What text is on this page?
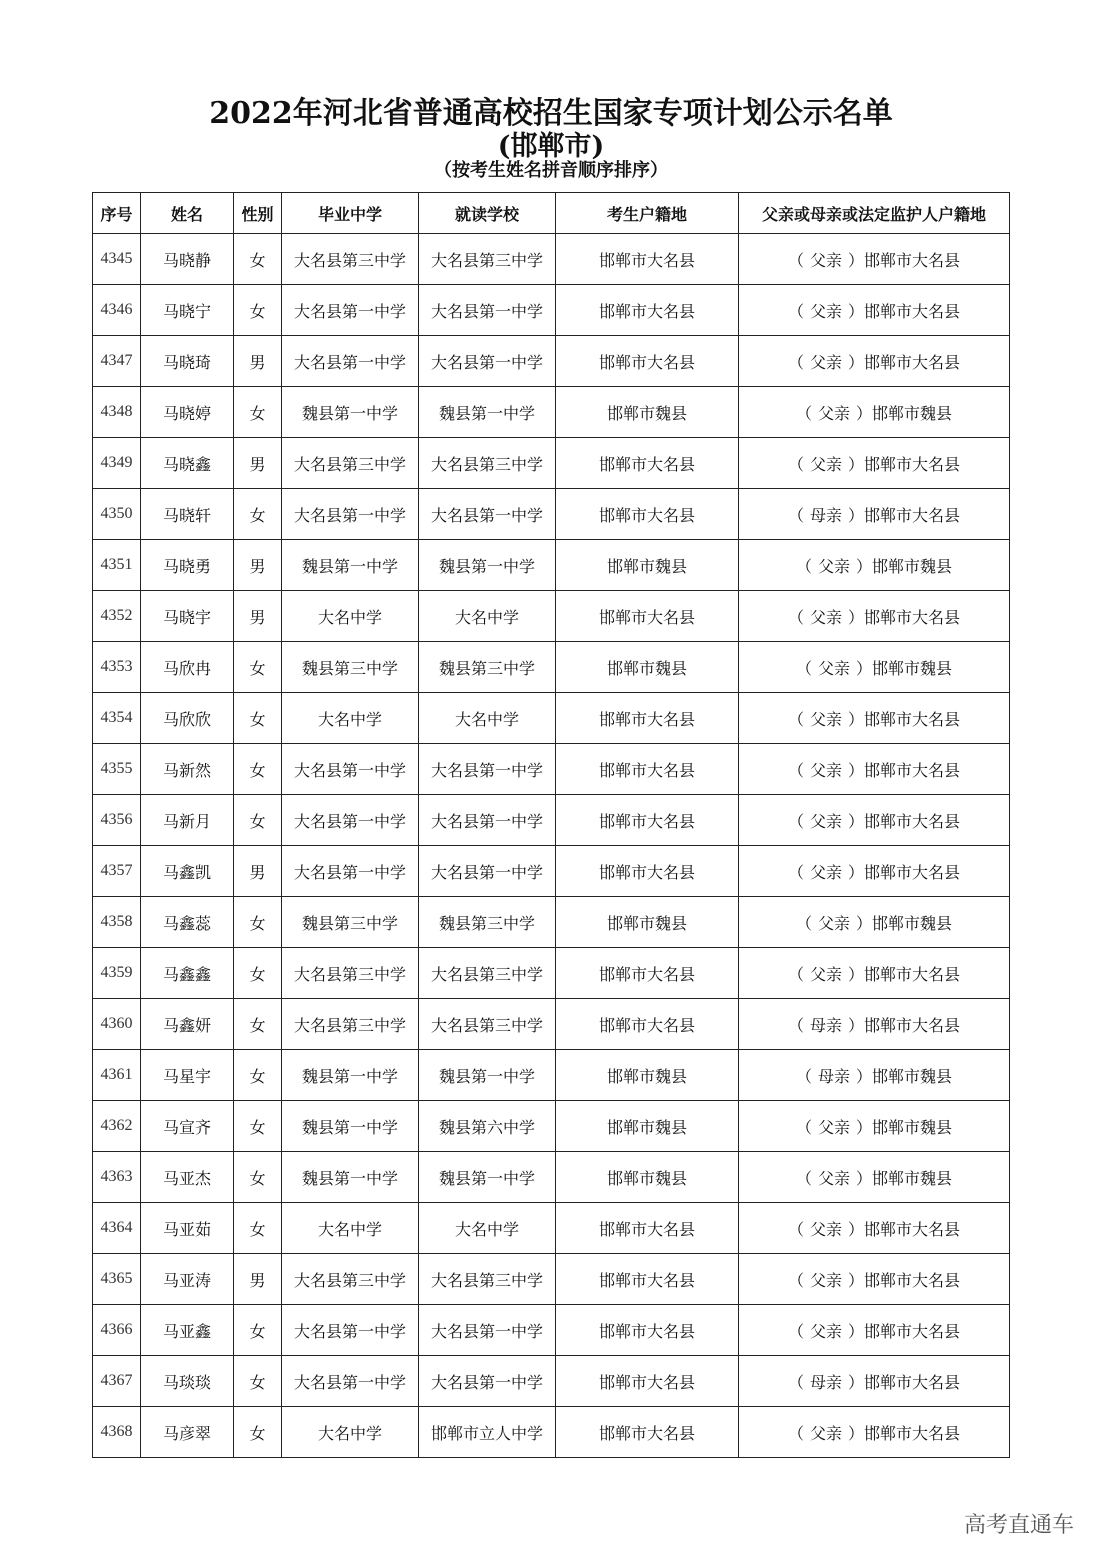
2022年河北省普通高校招生国家专项计划公示名单
(邯郸市)
（按考生姓名拼音顺序排序）
序号	姓名	性别	毕业中学	就读学校	考生户籍地	父亲或母亲或法定监护人户籍地
4345	马晓静	女	大名县第三中学	大名县第三中学	邯郸市大名县	（ 父亲 ）邯郸市大名县
4346	马晓宁	女	大名县第一中学	大名县第一中学	邯郸市大名县	（ 父亲 ）邯郸市大名县
4347	马晓琦	男	大名县第一中学	大名县第一中学	邯郸市大名县	（ 父亲 ）邯郸市大名县
4348	马晓婷	女	魏县第一中学	魏县第一中学	邯郸市魏县	（ 父亲 ）邯郸市魏县
4349	马晓鑫	男	大名县第三中学	大名县第三中学	邯郸市大名县	（ 父亲 ）邯郸市大名县
4350	马晓轩	女	大名县第一中学	大名县第一中学	邯郸市大名县	（ 母亲 ）邯郸市大名县
4351	马晓勇	男	魏县第一中学	魏县第一中学	邯郸市魏县	（ 父亲 ）邯郸市魏县
4352	马晓宇	男	大名中学	大名中学	邯郸市大名县	（ 父亲 ）邯郸市大名县
4353	马欣冉	女	魏县第三中学	魏县第三中学	邯郸市魏县	（ 父亲 ）邯郸市魏县
4354	马欣欣	女	大名中学	大名中学	邯郸市大名县	（ 父亲 ）邯郸市大名县
4355	马新然	女	大名县第一中学	大名县第一中学	邯郸市大名县	（ 父亲 ）邯郸市大名县
4356	马新月	女	大名县第一中学	大名县第一中学	邯郸市大名县	（ 父亲 ）邯郸市大名县
4357	马鑫凯	男	大名县第一中学	大名县第一中学	邯郸市大名县	（ 父亲 ）邯郸市大名县
4358	马鑫蕊	女	魏县第三中学	魏县第三中学	邯郸市魏县	（ 父亲 ）邯郸市魏县
4359	马鑫鑫	女	大名县第三中学	大名县第三中学	邯郸市大名县	（ 父亲 ）邯郸市大名县
4360	马鑫妍	女	大名县第三中学	大名县第三中学	邯郸市大名县	（ 母亲 ）邯郸市大名县
4361	马星宇	女	魏县第一中学	魏县第一中学	邯郸市魏县	（ 母亲 ）邯郸市魏县
4362	马宣齐	女	魏县第一中学	魏县第六中学	邯郸市魏县	（ 父亲 ）邯郸市魏县
4363	马亚杰	女	魏县第一中学	魏县第一中学	邯郸市魏县	（ 父亲 ）邯郸市魏县
4364	马亚茹	女	大名中学	大名中学	邯郸市大名县	（ 父亲 ）邯郸市大名县
4365	马亚涛	男	大名县第三中学	大名县第三中学	邯郸市大名县	（ 父亲 ）邯郸市大名县
4366	马亚鑫	女	大名县第一中学	大名县第一中学	邯郸市大名县	（ 父亲 ）邯郸市大名县
4367	马琰琰	女	大名县第一中学	大名县第一中学	邯郸市大名县	（ 母亲 ）邯郸市大名县
4368	马彦翠	女	大名中学	邯郸市立人中学	邯郸市大名县	（ 父亲 ）邯郸市大名县
高考直通车
